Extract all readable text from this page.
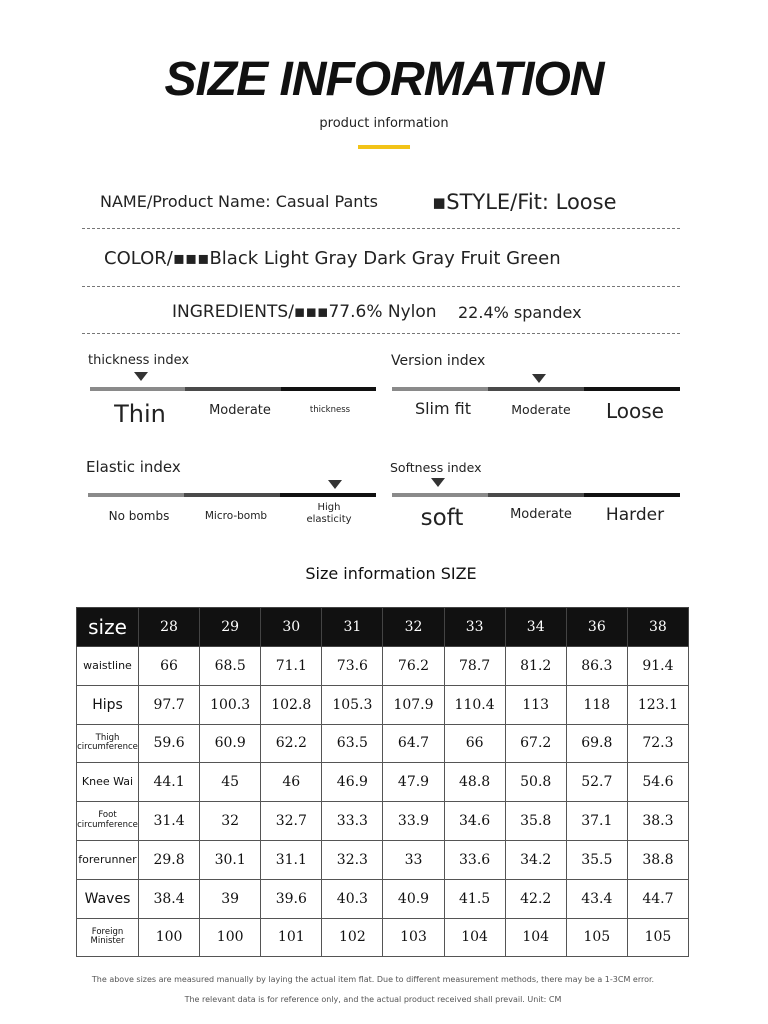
SIZE INFORMATION
product information
NAME/Product Name: Casual Pants	▪STYLE/Fit: Loose
COLOR/▪▪▪Black Light Gray Dark Gray Fruit Green
INGREDIENTS/▪▪▪77.6% Nylon 22.4% spandex
thickness index
Thin	Moderate	thickness
Version index
Slim fit	Moderate	Loose
Elastic index
No bombs	Micro-bomb
High elasticity
Softness index
soft	Moderate	Harder
Size information SIZE
size	28	29	30	31	32	33	34	36	38
waistline	66	68.5	71.1	73.6	76.2	78.7	81.2	86.3	91.4
Hips	97.7	100.3	102.8	105.3	107.9	110.4	113	118	123.1
Thigh circumference	59.6	60.9	62.2	63.5	64.7	66	67.2	69.8	72.3
Knee Wai	44.1	45	46	46.9	47.9	48.8	50.8	52.7	54.6
Foot circumference	31.4	32	32.7	33.3	33.9	34.6	35.8	37.1	38.3
forerunner	29.8	30.1	31.1	32.3	33	33.6	34.2	35.5	38.8
Waves	38.4	39	39.6	40.3	40.9	41.5	42.2	43.4	44.7
Foreign Minister	100	100	101	102	103	104	104	105	105
The above sizes are measured manually by laying the actual item flat. Due to different measurement methods, there may be a 1-3CM error.
The relevant data is for reference only, and the actual product received shall prevail. Unit: CM
